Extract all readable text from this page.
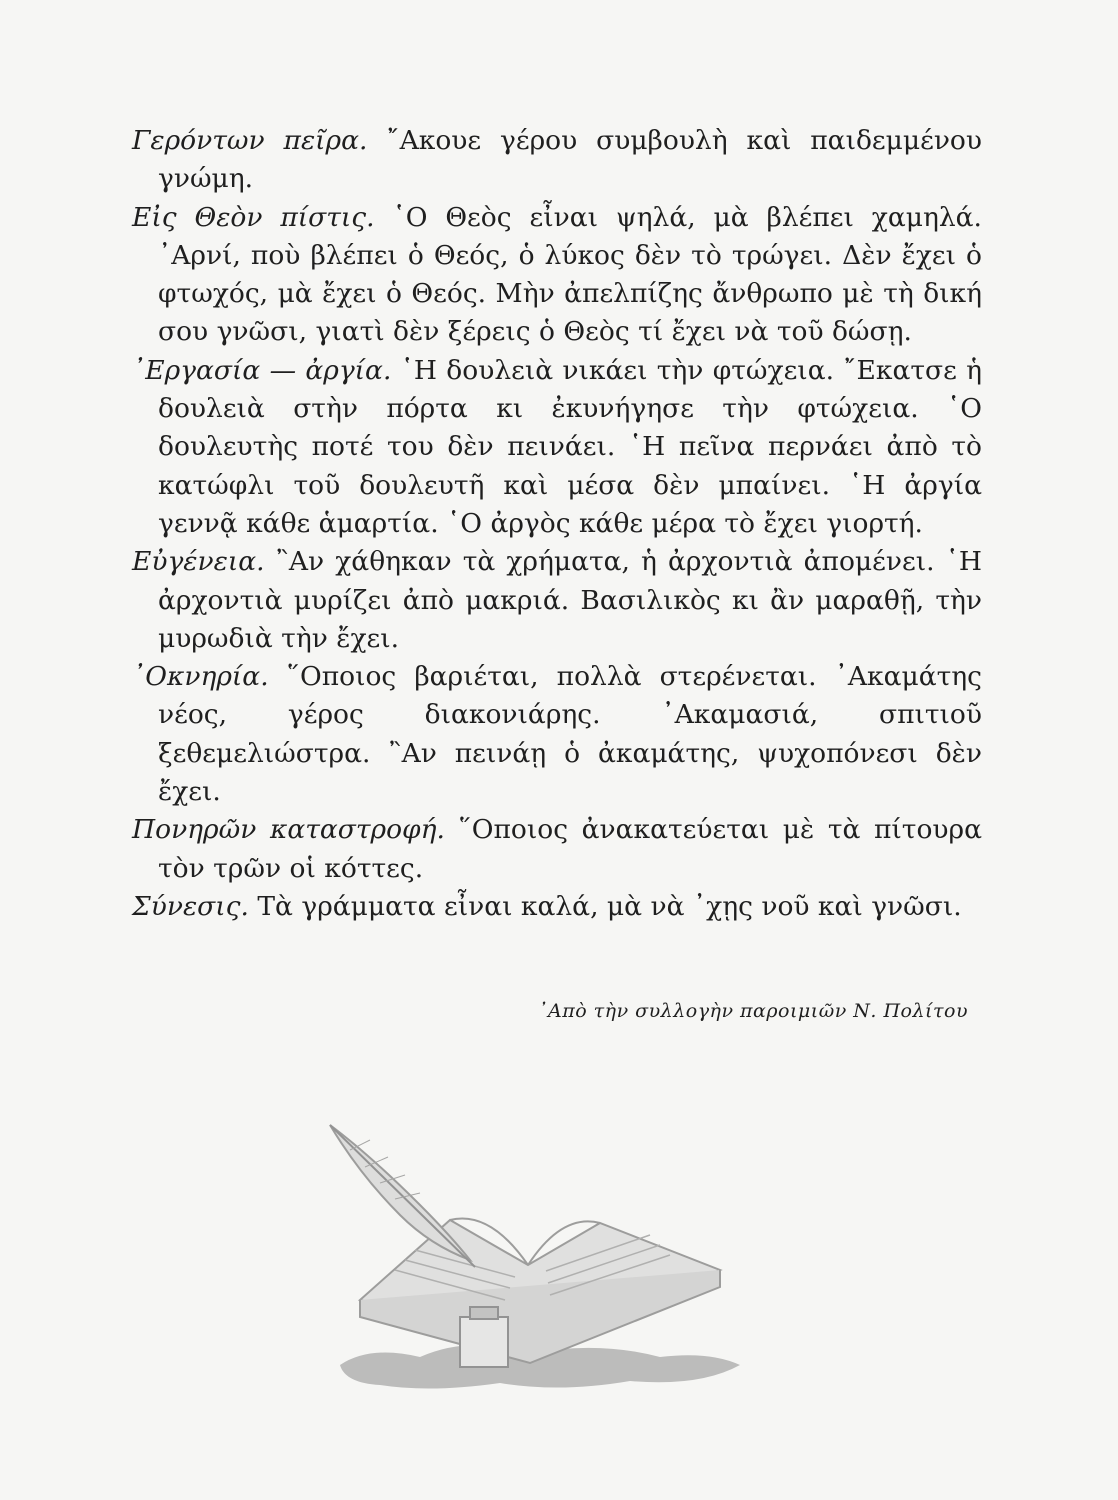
Γερόντων πεῖρα. ῎Ακουε γέρου συμβουλὴ καὶ παιδεμμένου γνώμη.

Εἰς Θεὸν πίστις. ῾Ο Θεὸς εἶναι ψηλά, μὰ βλέπει χαμηλά. ᾿Αρνί, ποὺ βλέπει ὁ Θεός, ὁ λύκος δὲν τὸ τρώγει. Δὲν ἔχει ὁ φτωχός, μὰ ἔχει ὁ Θεός. Μὴν ἀπελπίζης ἄνθρωπο μὲ τὴ δική σου γνῶσι, γιατὶ δὲν ξέρεις ὁ Θεὸς τί ἔχει νὰ τοῦ δώσῃ.

᾿Εργασία — ἀργία. ῾Η δουλειὰ νικάει τὴν φτώχεια. ῎Εκατσε ἡ δουλειὰ στὴν πόρτα κι ἐκυνήγησε τὴν φτώχεια. ῾Ο δουλευτὴς ποτέ του δὲν πεινάει. ῾Η πεῖνα περνάει ἀπὸ τὸ κατώφλι τοῦ δουλευτῆ καὶ μέσα δὲν μπαίνει. ῾Η ἀργία γεννᾷ κάθε ἁμαρτία. ῾Ο ἀργὸς κάθε μέρα τὸ ἔχει γιορτή.

Εὐγένεια. ῍Αν χάθηκαν τὰ χρήματα, ἡ ἀρχοντιὰ ἀπομένει. ῾Η ἀρχοντιὰ μυρίζει ἀπὸ μακριά. Βασιλικὸς κι ἂν μαραθῇ, τὴν μυρωδιὰ τὴν ἔχει.

᾿Οκνηρία. ῞Οποιος βαριέται, πολλὰ στερένεται. ᾿Ακαμάτης νέος, γέρος διακονιάρης. ᾿Ακαμασιά, σπιτιοῦ ξεθεμελιώστρα. ῍Αν πεινάῃ ὁ ἀκαμάτης, ψυχοπόνεσι δὲν ἔχει.

Πονηρῶν καταστροφή. ῞Οποιος ἀνακατεύεται μὲ τὰ πίτουρα τὸν τρῶν οἱ κόττες.

Σύνεσις. Τὰ γράμματα εἶναι καλά, μὰ νὰ ᾿χῃς νοῦ καὶ γνῶσι.

᾿Απὸ τὴν συλλογὴν παροιμιῶν Ν. Πολίτου
